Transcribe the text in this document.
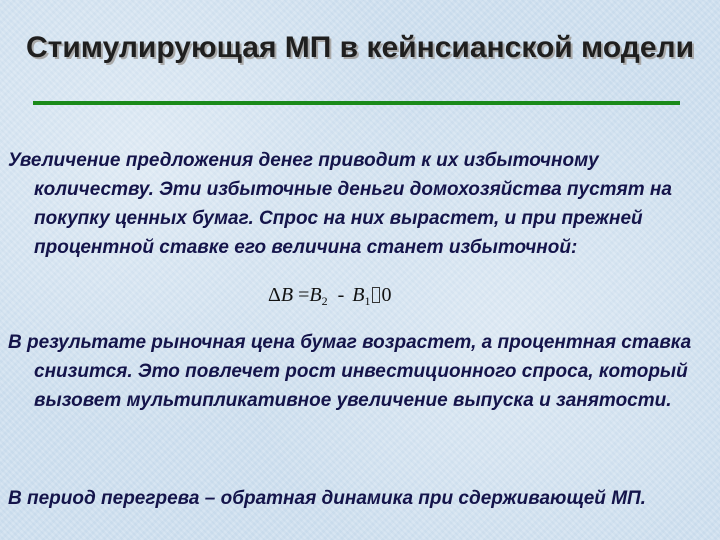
Стимулирующая МП в кейнсианской модели

Увеличение предложения денег приводит к их избыточному количеству. Эти избыточные деньги домохозяйства пустят на покупку ценных бумаг. Спрос на них вырастет, и при прежней процентной ставке его величина станет избыточной:

$\Delta B =B_2 - B_1$ 0

В результате рыночная цена бумаг возрастет, а процентная ставка снизится. Это повлечет рост инвестиционного спроса, который вызовет мультипликативное увеличение выпуска и занятости.

В период перегрева – обратная динамика при сдерживающей МП.
